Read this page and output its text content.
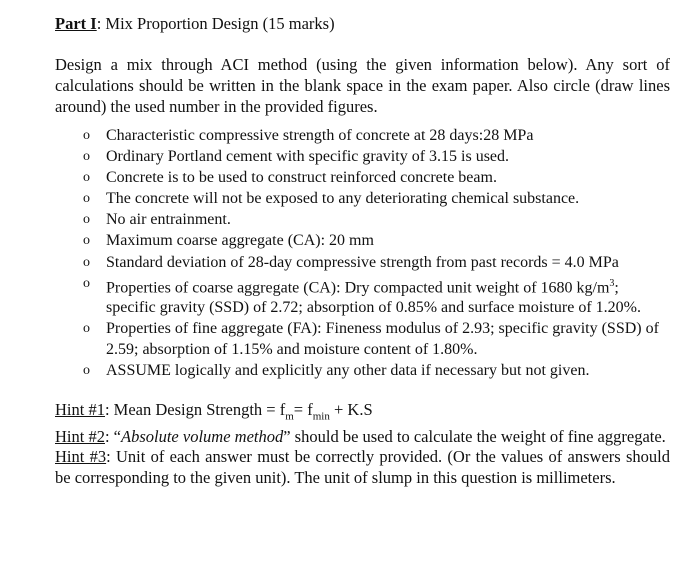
Part I: Mix Proportion Design (15 marks)

Design a mix through ACI method (using the given information below). Any sort of calculations should be written in the blank space in the exam paper. Also circle (draw lines around) the used number in the provided figures.

o Characteristic compressive strength of concrete at 28 days:28 MPa
o Ordinary Portland cement with specific gravity of 3.15 is used.
o Concrete is to be used to construct reinforced concrete beam.
o The concrete will not be exposed to any deteriorating chemical substance.
o No air entrainment.
o Maximum coarse aggregate (CA): 20 mm
o Standard deviation of 28-day compressive strength from past records = 4.0 MPa
o Properties of coarse aggregate (CA): Dry compacted unit weight of 1680 $kg/m^3$; specific gravity (SSD) of 2.72; absorption of 0.85% and surface moisture of 1.20%.
o Properties of fine aggregate (FA): Fineness modulus of 2.93; specific gravity (SSD) of 2.59; absorption of 1.15% and moisture content of 1.80%.
o ASSUME logically and explicitly any other data if necessary but not given.

Hint #1: Mean Design Strength = $f_m= f_{min} + K.S$

Hint #2: “Absolute volume method” should be used to calculate the weight of fine aggregate.

Hint #3: Unit of each answer must be correctly provided. (Or the values of answers should be corresponding to the given unit). The unit of slump in this question is millimeters.
